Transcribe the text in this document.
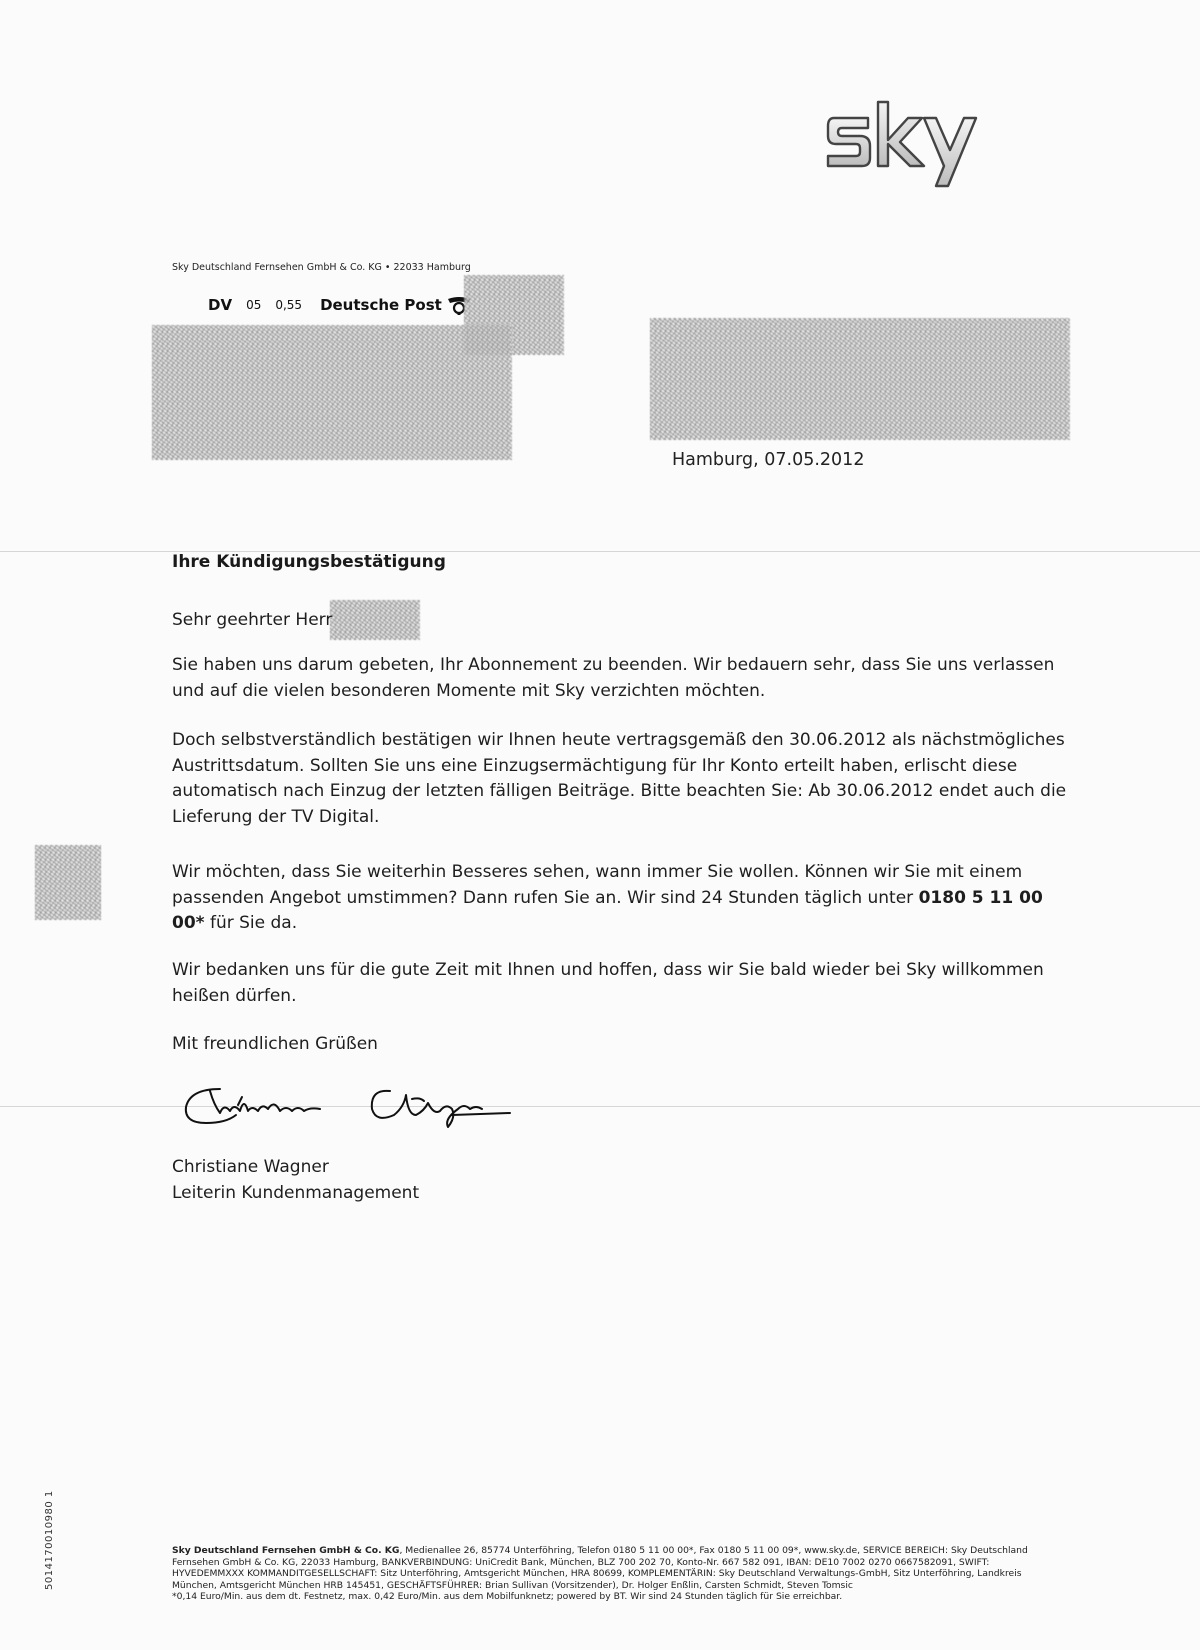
Sky Deutschland Fernsehen GmbH & Co. KG • 22033 Hamburg
DV 05 0,55 Deutsche Post
Hamburg, 07.05.2012
Ihre Kündigungsbestätigung
Sehr geehrter Herr
Sie haben uns darum gebeten, Ihr Abonnement zu beenden. Wir bedauern sehr, dass Sie uns verlassen und auf die vielen besonderen Momente mit Sky verzichten möchten.
Doch selbstverständlich bestätigen wir Ihnen heute vertragsgemäß den 30.06.2012 als nächstmögliches Austrittsdatum. Sollten Sie uns eine Einzugsermächtigung für Ihr Konto erteilt haben, erlischt diese automatisch nach Einzug der letzten fälligen Beiträge. Bitte beachten Sie: Ab 30.06.2012 endet auch die Lieferung der TV Digital.
Wir möchten, dass Sie weiterhin Besseres sehen, wann immer Sie wollen. Können wir Sie mit einem passenden Angebot umstimmen? Dann rufen Sie an. Wir sind 24 Stunden täglich unter 0180 5 11 00 00* für Sie da.
Wir bedanken uns für die gute Zeit mit Ihnen und hoffen, dass wir Sie bald wieder bei Sky willkommen heißen dürfen.
Mit freundlichen Grüßen
Christiane Wagner
Leiterin Kundenmanagement
Sky Deutschland Fernsehen GmbH & Co. KG, Medienallee 26, 85774 Unterföhring, Telefon 0180 5 11 00 00*, Fax 0180 5 11 00 09*, www.sky.de, SERVICE BEREICH: Sky Deutschland
Fernsehen GmbH & Co. KG, 22033 Hamburg, BANKVERBINDUNG: UniCredit Bank, München, BLZ 700 202 70, Konto-Nr. 667 582 091, IBAN: DE10 7002 0270 0667582091, SWIFT:
HYVEDEMMXXX KOMMANDITGESELLSCHAFT: Sitz Unterföhring, Amtsgericht München, HRA 80699, KOMPLEMENTÄRIN: Sky Deutschland Verwaltungs-GmbH, Sitz Unterföhring, Landkreis
München, Amtsgericht München HRB 145451, GESCHÄFTSFÜHRER: Brian Sullivan (Vorsitzender), Dr. Holger Enßlin, Carsten Schmidt, Steven Tomsic
*0,14 Euro/Min. aus dem dt. Festnetz, max. 0,42 Euro/Min. aus dem Mobilfunknetz; powered by BT. Wir sind 24 Stunden täglich für Sie erreichbar.
5014170010980 1
